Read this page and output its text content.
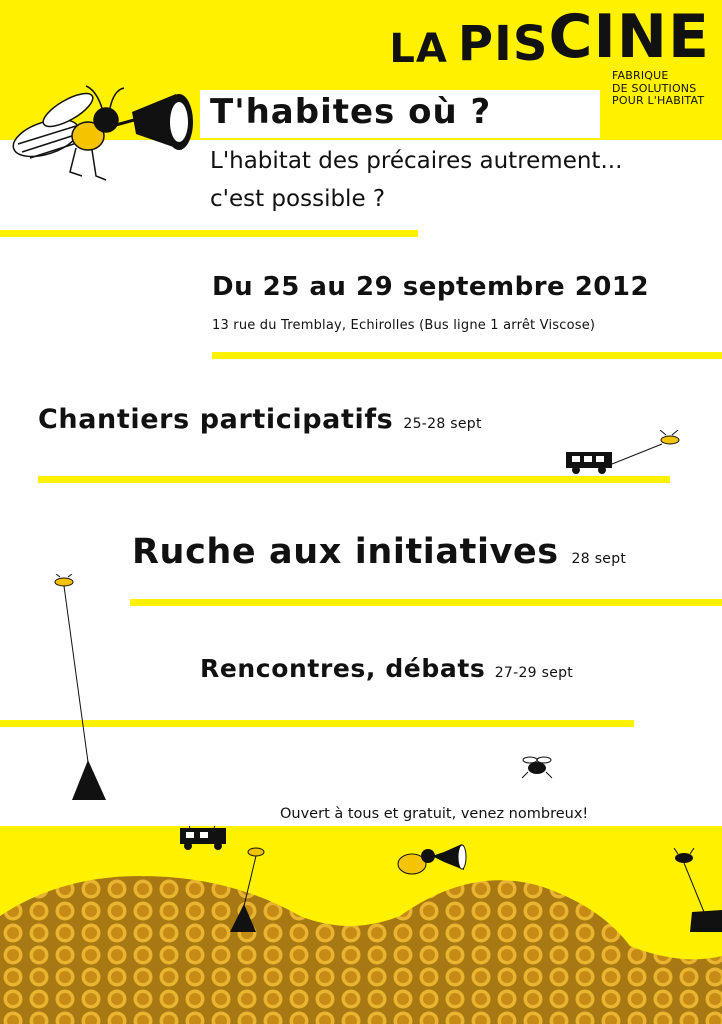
LA PISCINE
FABRIQUE
DE SOLUTIONS
POUR L'HABITAT
T'habites où ?
L'habitat des précaires autrement...
c'est possible ?
Du 25 au 29 septembre 2012
13 rue du Tremblay, Echirolles (Bus ligne 1 arrêt Viscose)
Chantiers participatifs 25-28 sept
Ruche aux initiatives 28 sept
Rencontres, débats 27-29 sept
Ouvert à tous et gratuit, venez nombreux!
